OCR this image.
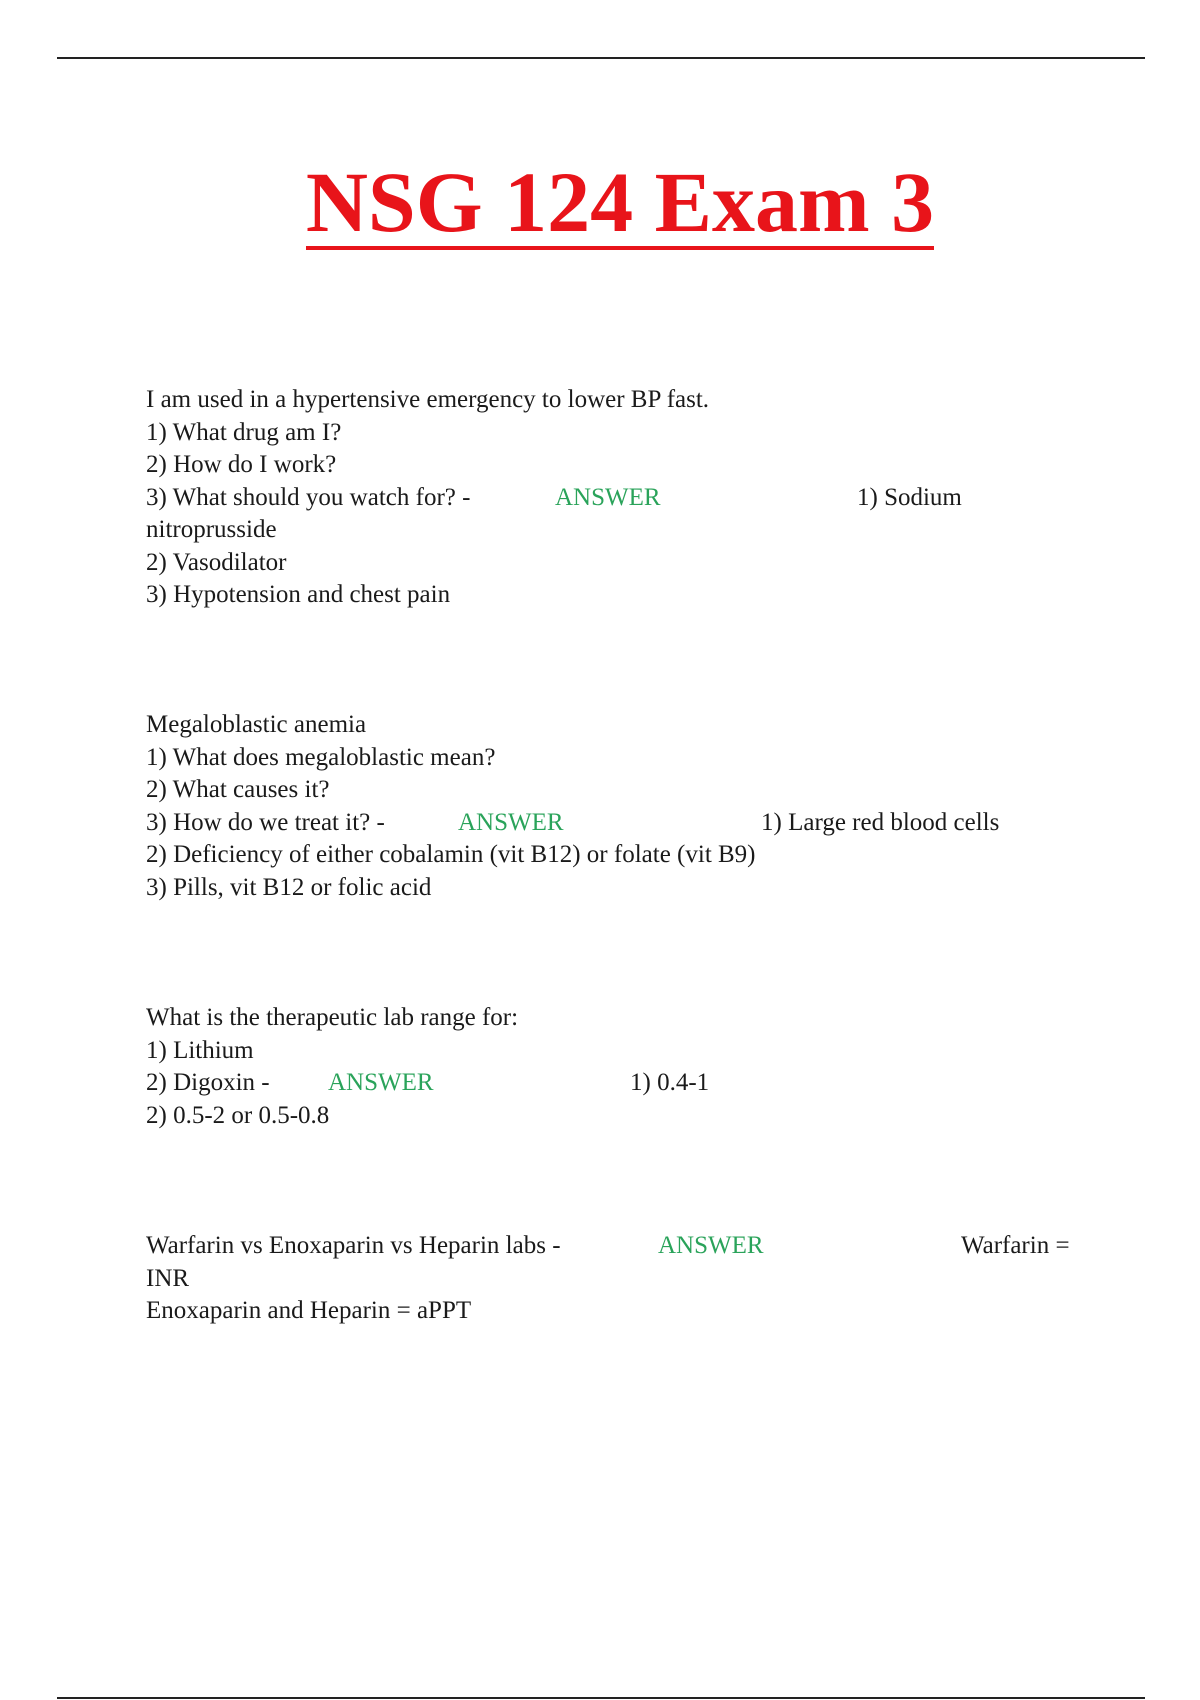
NSG 124 Exam 3
I am used in a hypertensive emergency to lower BP fast.
1) What drug am I?
2) How do I work?
3) What should you watch for? -	ANSWER	1) Sodium
nitroprusside
2) Vasodilator
3) Hypotension and chest pain
Megaloblastic anemia
1) What does megaloblastic mean?
2) What causes it?
3) How do we treat it? -	ANSWER	1) Large red blood cells
2) Deficiency of either cobalamin (vit B12) or folate (vit B9)
3) Pills, vit B12 or folic acid
What is the therapeutic lab range for:
1) Lithium
2) Digoxin - ANSWER	1) 0.4-1
2) 0.5-2 or 0.5-0.8
Warfarin vs Enoxaparin vs Heparin labs -	ANSWER	Warfarin =
INR
Enoxaparin and Heparin = aPPT
